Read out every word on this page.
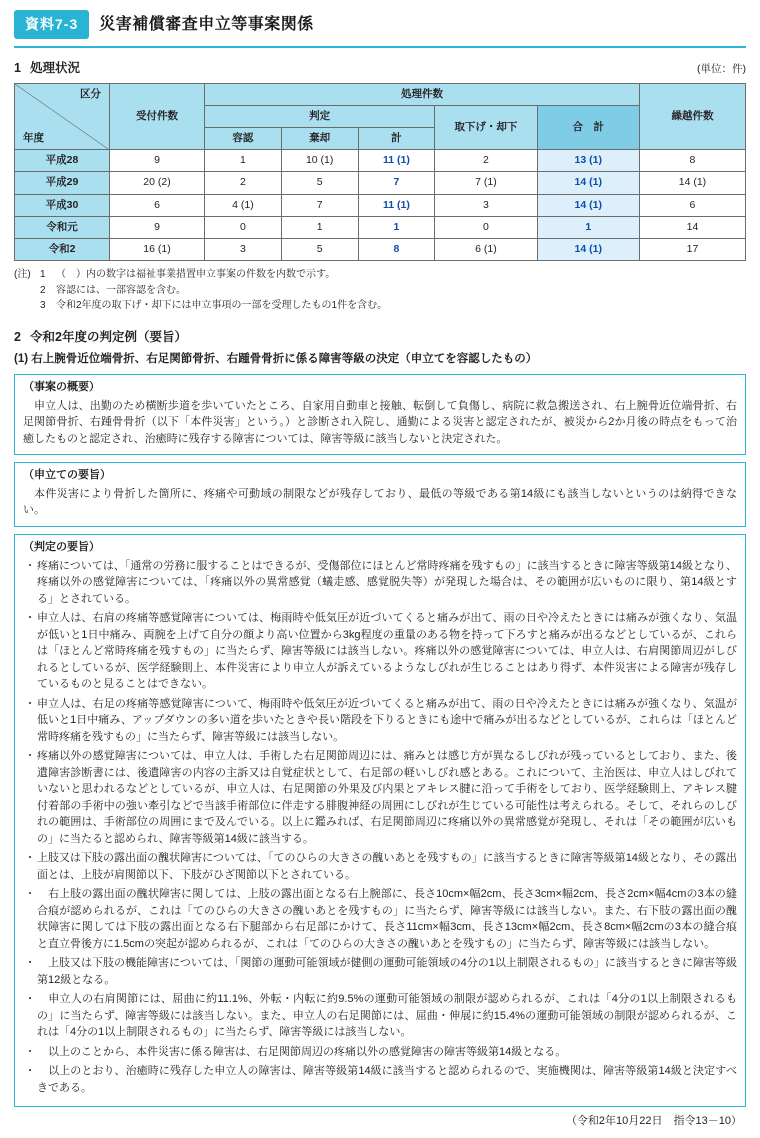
資料7-3	災害補償審査申立等事案関係
1 処理状況	(単位：件)
区分
年度	受付件数	処理件数					繰越件数
		判定			取下げ・却下	合　計	
		容認	棄却	計			
平成28	9	1	10 (1)	11 (1)	2	13 (1)	8
平成29	20 (2)	2	5	7	7 (1)	14 (1)	14 (1)
平成30	6	4 (1)	7	11 (1)	3	14 (1)	6
令和元	9	0	1	1	0	1	14
令和2	16 (1)	3	5	8	6 (1)	14 (1)	17
(注) 1	（　）内の数字は福祉事業措置申立事案の件数を内数で示す。
2	容認には、一部容認を含む。
3	令和2年度の取下げ・却下には申立事項の一部を受理したもの1件を含む。
2 令和2年度の判定例（要旨）
(1) 右上腕骨近位端骨折、右足関節骨折、右踵骨骨折に係る障害等級の決定（申立てを容認したもの）
（事案の概要）

申立人は、出勤のため横断歩道を歩いていたところ、自家用自動車と接触、転倒して負傷し、病院に救急搬送され、右上腕骨近位端骨折、右足関節骨折、右踵骨骨折（以下「本件災害」という。）と診断され入院し、通勤による災害と認定されたが、被災から2か月後の時点をもって治癒したものと認定され、治癒時に残存する障害については、障害等級に該当しないと決定された。

（申立ての要旨）

本件災害により骨折した箇所に、疼痛や可動域の制限などが残存しており、最低の等級である第14級にも該当しないというのは納得できない。

（判定の要旨）
・ 疼痛については、「通常の労務に服することはできるが、受傷部位にほとんど常時疼痛を残すもの」に該当するときに障害等級第14級となり、疼痛以外の感覚障害については、「疼痛以外の異常感覚（蟻走感、感覚脱失等）が発現した場合は、その範囲が広いものに限り、第14級とする」とされている。
・ 申立人は、右肩の疼痛等感覚障害については、梅雨時や低気圧が近づいてくると痛みが出て、雨の日や冷えたときには痛みが強くなり、気温が低いと1日中痛み、両腕を上げて自分の顔より高い位置から3kg程度の重量のある物を持って下ろすと痛みが出るなどとしているが、これらは「ほとんど常時疼痛を残すもの」に当たらず、障害等級には該当しない。疼痛以外の感覚障害については、申立人は、右肩関節周辺がしびれるとしているが、医学経験則上、本件災害により申立人が訴えているようなしびれが生じることはあり得ず、本件災害による障害が残存しているものと見ることはできない。
・ 申立人は、右足の疼痛等感覚障害について、梅雨時や低気圧が近づいてくると痛みが出て、雨の日や冷えたときには痛みが強くなり、気温が低いと1日中痛み、アップダウンの多い道を歩いたときや長い階段を下りるときにも途中で痛みが出るなどとしているが、これらは「ほとんど常時疼痛を残すもの」に当たらず、障害等級には該当しない。
・ 疼痛以外の感覚障害については、申立人は、手術した右足関節周辺には、痛みとは感じ方が異なるしびれが残っているとしており、また、後遺障害診断書には、後遺障害の内容の主訴又は自覚症状として、右足部の軽いしびれ感とある。これについて、主治医は、申立人はしびれていないと思われるなどとしているが、申立人は、右足関節の外果及び内果とアキレス腱に沿って手術をしており、医学経験則上、アキレス腱付着部の手術中の強い牽引などで当該手術部位に伴走する腓腹神経の周囲にしびれが生じている可能性は考えられる。そして、それらのしびれの範囲は、手術部位の周囲にまで及んでいる。以上に鑑みれば、右足関節周辺に疼痛以外の異常感覚が発現し、それは「その範囲が広いもの」に当たると認められ、障害等級第14級に該当する。
・ 上肢又は下肢の露出面の醜状障害については、「てのひらの大きさの醜いあとを残すもの」に該当するときに障害等級第14級となり、その露出面とは、上肢が肩関節以下、下肢がひざ関節以下とされている。
・ 　右上肢の露出面の醜状障害に関しては、上肢の露出面となる右上腕部に、長さ10cm×幅2cm、長さ3cm×幅2cm、長さ2cm×幅4cmの3本の縫合痕が認められるが、これは「てのひらの大きさの醜いあとを残すもの」に当たらず、障害等級には該当しない。また、右下肢の露出面の醜状障害に関しては下肢の露出面となる右下腿部から右足部にかけて、長さ11cm×幅3cm、長さ13cm×幅2cm、長さ8cm×幅2cmの3本の縫合痕と直立骨後方に1.5cmの突起が認められるが、これは「てのひらの大きさの醜いあとを残すもの」に当たらず、障害等級には該当しない。
・ 　上肢又は下肢の機能障害については、「関節の運動可能領域が健側の運動可能領域の4分の1以上制限されるもの」に該当するときに障害等級第12級となる。
・ 　申立人の右肩関節には、屈曲に約11.1%、外転・内転に約9.5%の運動可能領域の制限が認められるが、これは「4分の1以上制限されるもの」に当たらず、障害等級には該当しない。また、申立人の右足関節には、屈曲・伸展に約15.4%の運動可能領域の制限が認められるが、これは「4分の1以上制限されるもの」に当たらず、障害等級には該当しない。
・ 　以上のことから、本件災害に係る障害は、右足関節周辺の疼痛以外の感覚障害の障害等級第14級となる。
・ 　以上のとおり、治癒時に残存した申立人の障害は、障害等級第14級に該当すると認められるので、実施機関は、障害等級第14級と決定すべきである。
（令和2年10月22日　指令13－10）
